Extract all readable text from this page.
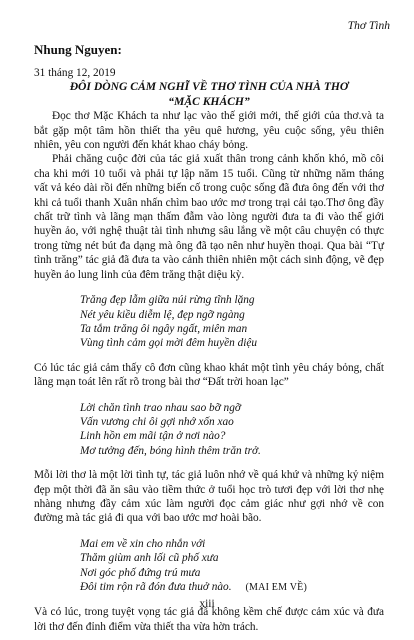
Thơ Tình
Nhung Nguyen:

31 tháng 12, 2019

ĐÔI DÒNG CẢM NGHĨ VỀ THƠ TÌNH CỦA NHÀ THƠ

“MẶC KHÁCH”

Đọc thơ Mặc Khách ta như lạc vào thế giới mới, thế giới của thơ.và ta bắt gặp một tâm hồn thiết tha yêu quê hương, yêu cuộc sống, yêu thiên nhiên, yêu con người đến khát khao cháy bỏng.

Phải chăng cuộc đời của tác giả xuất thân trong cảnh khốn khó, mồ côi cha khi mới 10 tuổi và phải tự lập năm 15 tuổi. Cũng từ những năm tháng vất vả kéo dài rồi đến những biến cố trong cuộc sống đã đưa ông đến với thơ khi cả tuổi thanh Xuân nhấn chìm bao ước mơ trong trại cải tạo.Thơ ông đầy chất trữ tình và lãng mạn thấm đẫm vào lòng người đưa ta đi vào thế giới huyền ảo, với nghệ thuật tài tình nhưng sâu lắng về một câu chuyện có thực trong từng nét bút đa dạng mà ông đã tạo nên như huyền thoại. Qua bài “Tự tình trăng” tác giả đã đưa ta vào cảnh thiên nhiên một cách sinh động, vẽ đẹp huyền ảo lung linh của đêm trăng thật diệu kỳ.

Trăng đẹp lẫm giữa núi rừng tĩnh lặng
Nét yêu kiều diễm lệ, đẹp ngỡ ngàng
Ta tắm trăng ôi ngây ngất, miên man
Vùng tình cảm gọi mời đêm huyền diệu

Có lúc tác giả cảm thấy cô đơn cũng khao khát một tình yêu cháy bỏng, chất lãng mạn toát lên rất rõ trong bài thơ “Đất trời hoan lạc”

Lời chăn tình trao nhau sao bỡ ngỡ
Vấn vương chi ôi gợi nhớ xốn xao
Linh hồn em mãi tận ở nơi nào?
Mơ tưởng đến, bóng hình thêm trăn trở.

Mỗi lời thơ là một lời tình tự, tác giả luôn nhớ về quá khứ và những kỷ niệm đẹp một thời đã ăn sâu vào tiềm thức ở tuổi học trò tươi đẹp với lời thơ nhẹ nhàng nhưng đầy cảm xúc làm người đọc cảm giác như gợi nhớ về con đường mà tác giả đi qua với bao ước mơ hoài bão.

Mai em về xin cho nhắn với
Thăm giùm anh lối cũ phố xưa
Nơi góc phố đứng trú mưa
Đôi tim rộn rã đón đưa thuở nào. (MAI EM VỀ)

Và có lúc, trong tuyệt vọng tác giả đã không kềm chế được cảm xúc và đưa lời thơ đến đỉnh điểm vừa thiết tha vừa hờn trách.

xiii
